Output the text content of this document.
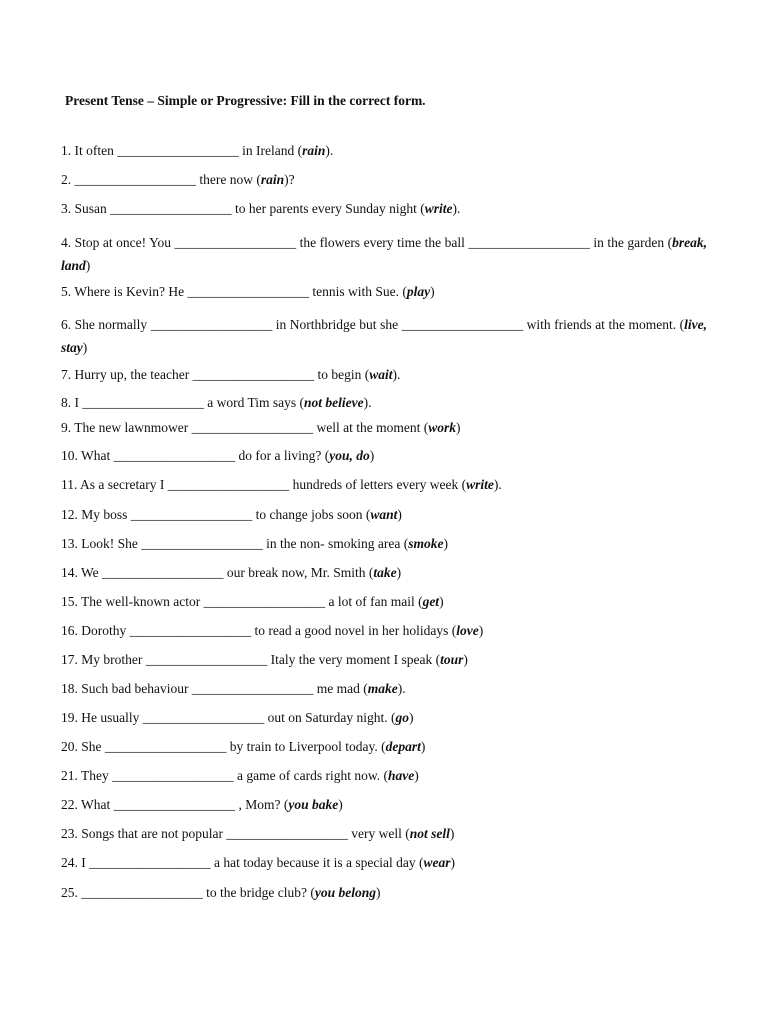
Present Tense – Simple or Progressive: Fill in the correct form.
1. It often __________________ in Ireland (rain).
2. __________________ there now (rain)?
3. Susan __________________ to her parents every Sunday night (write).
4. Stop at once! You __________________ the flowers every time the ball __________________ in the garden (break, land)
5. Where is Kevin? He __________________ tennis with Sue. (play)
6. She normally __________________ in Northbridge but she __________________ with friends at the moment. (live, stay)
7. Hurry up, the teacher __________________ to begin (wait).
8. I __________________ a word Tim says (not believe).
9. The new lawnmower __________________ well at the moment (work)
10. What __________________ do for a living? (you, do)
11. As a secretary I __________________ hundreds of letters every week (write).
12. My boss __________________ to change jobs soon (want)
13. Look! She __________________ in the non- smoking area (smoke)
14. We __________________ our break now, Mr. Smith (take)
15. The well-known actor __________________ a lot of fan mail (get)
16. Dorothy __________________ to read a good novel in her holidays (love)
17. My brother __________________ Italy the very moment I speak (tour)
18. Such bad behaviour __________________ me mad (make).
19. He usually __________________ out on Saturday night. (go)
20. She __________________ by train to Liverpool today. (depart)
21. They __________________ a game of cards right now. (have)
22. What __________________ , Mom? (you bake)
23. Songs that are not popular __________________ very well (not sell)
24. I __________________ a hat today because it is a special day (wear)
25. __________________ to the bridge club? (you belong)
